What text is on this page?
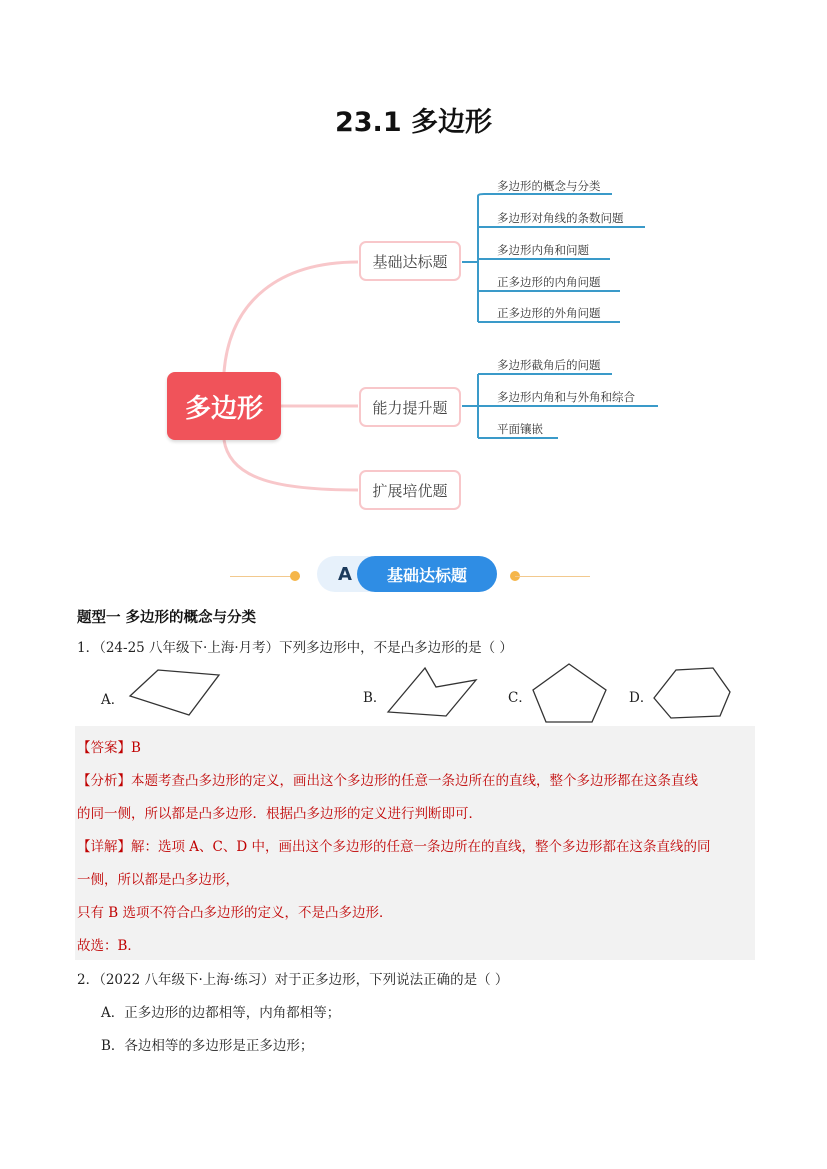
23.1 多边形
多边形
基础达标题
能力提升题
扩展培优题
多边形的概念与分类
多边形对角线的条数问题
多边形内角和问题
正多边形的内角问题
正多边形的外角问题
多边形截角后的问题
多边形内角和与外角和综合
平面镶嵌
A	基础达标题
题型一 多边形的概念与分类
1．（24-25 八年级下·上海·月考）下列多边形中，不是凸多边形的是（ ）
A．	B．	C．	D．
【答案】B
【分析】本题考查凸多边形的定义，画出这个多边形的任意一条边所在的直线，整个多边形都在这条直线
的同一侧，所以都是凸多边形．根据凸多边形的定义进行判断即可．
【详解】解：选项 A、C、D 中，画出这个多边形的任意一条边所在的直线，整个多边形都在这条直线的同
一侧，所以都是凸多边形，
只有 B 选项不符合凸多边形的定义，不是凸多边形．
故选：B．
2．（2022 八年级下·上海·练习）对于正多边形，下列说法正确的是（ ）
A．正多边形的边都相等，内角都相等；
B．各边相等的多边形是正多边形；
